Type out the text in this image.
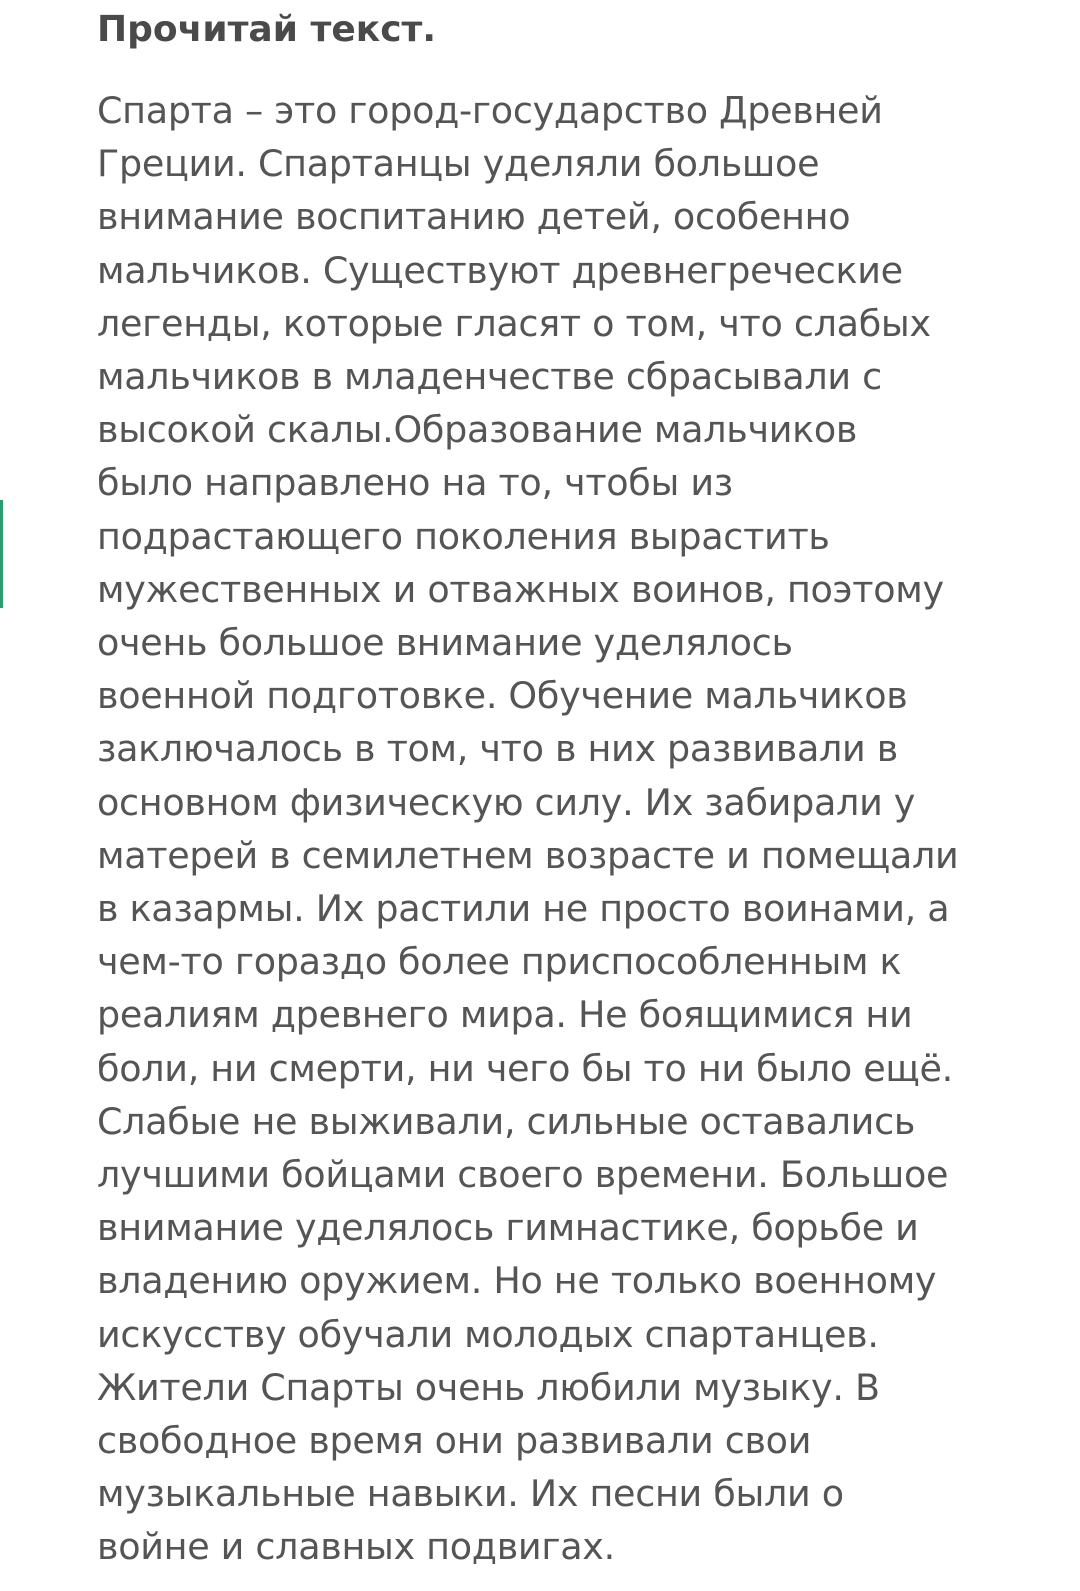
Прочитай текст.
Спарта – это город-государство Древней
Греции. Спартанцы уделяли большое
внимание воспитанию детей, особенно
мальчиков. Существуют древнегреческие
легенды, которые гласят о том, что слабых
мальчиков в младенчестве сбрасывали с
высокой скалы.Образование мальчиков
было направлено на то, чтобы из
подрастающего поколения вырастить
мужественных и отважных воинов, поэтому
очень большое внимание уделялось
военной подготовке. Обучение мальчиков
заключалось в том, что в них развивали в
основном физическую силу. Их забирали у
матерей в семилетнем возрасте и помещали
в казармы. Их растили не просто воинами, а
чем-то гораздо более приспособленным к
реалиям древнего мира. Не боящимися ни
боли, ни смерти, ни чего бы то ни было ещё.
Слабые не выживали, сильные оставались
лучшими бойцами своего времени. Большое
внимание уделялось гимнастике, борьбе и
владению оружием. Но не только военному
искусству обучали молодых спартанцев.
Жители Спарты очень любили музыку. В
свободное время они развивали свои
музыкальные навыки. Их песни были о
войне и славных подвигах.
